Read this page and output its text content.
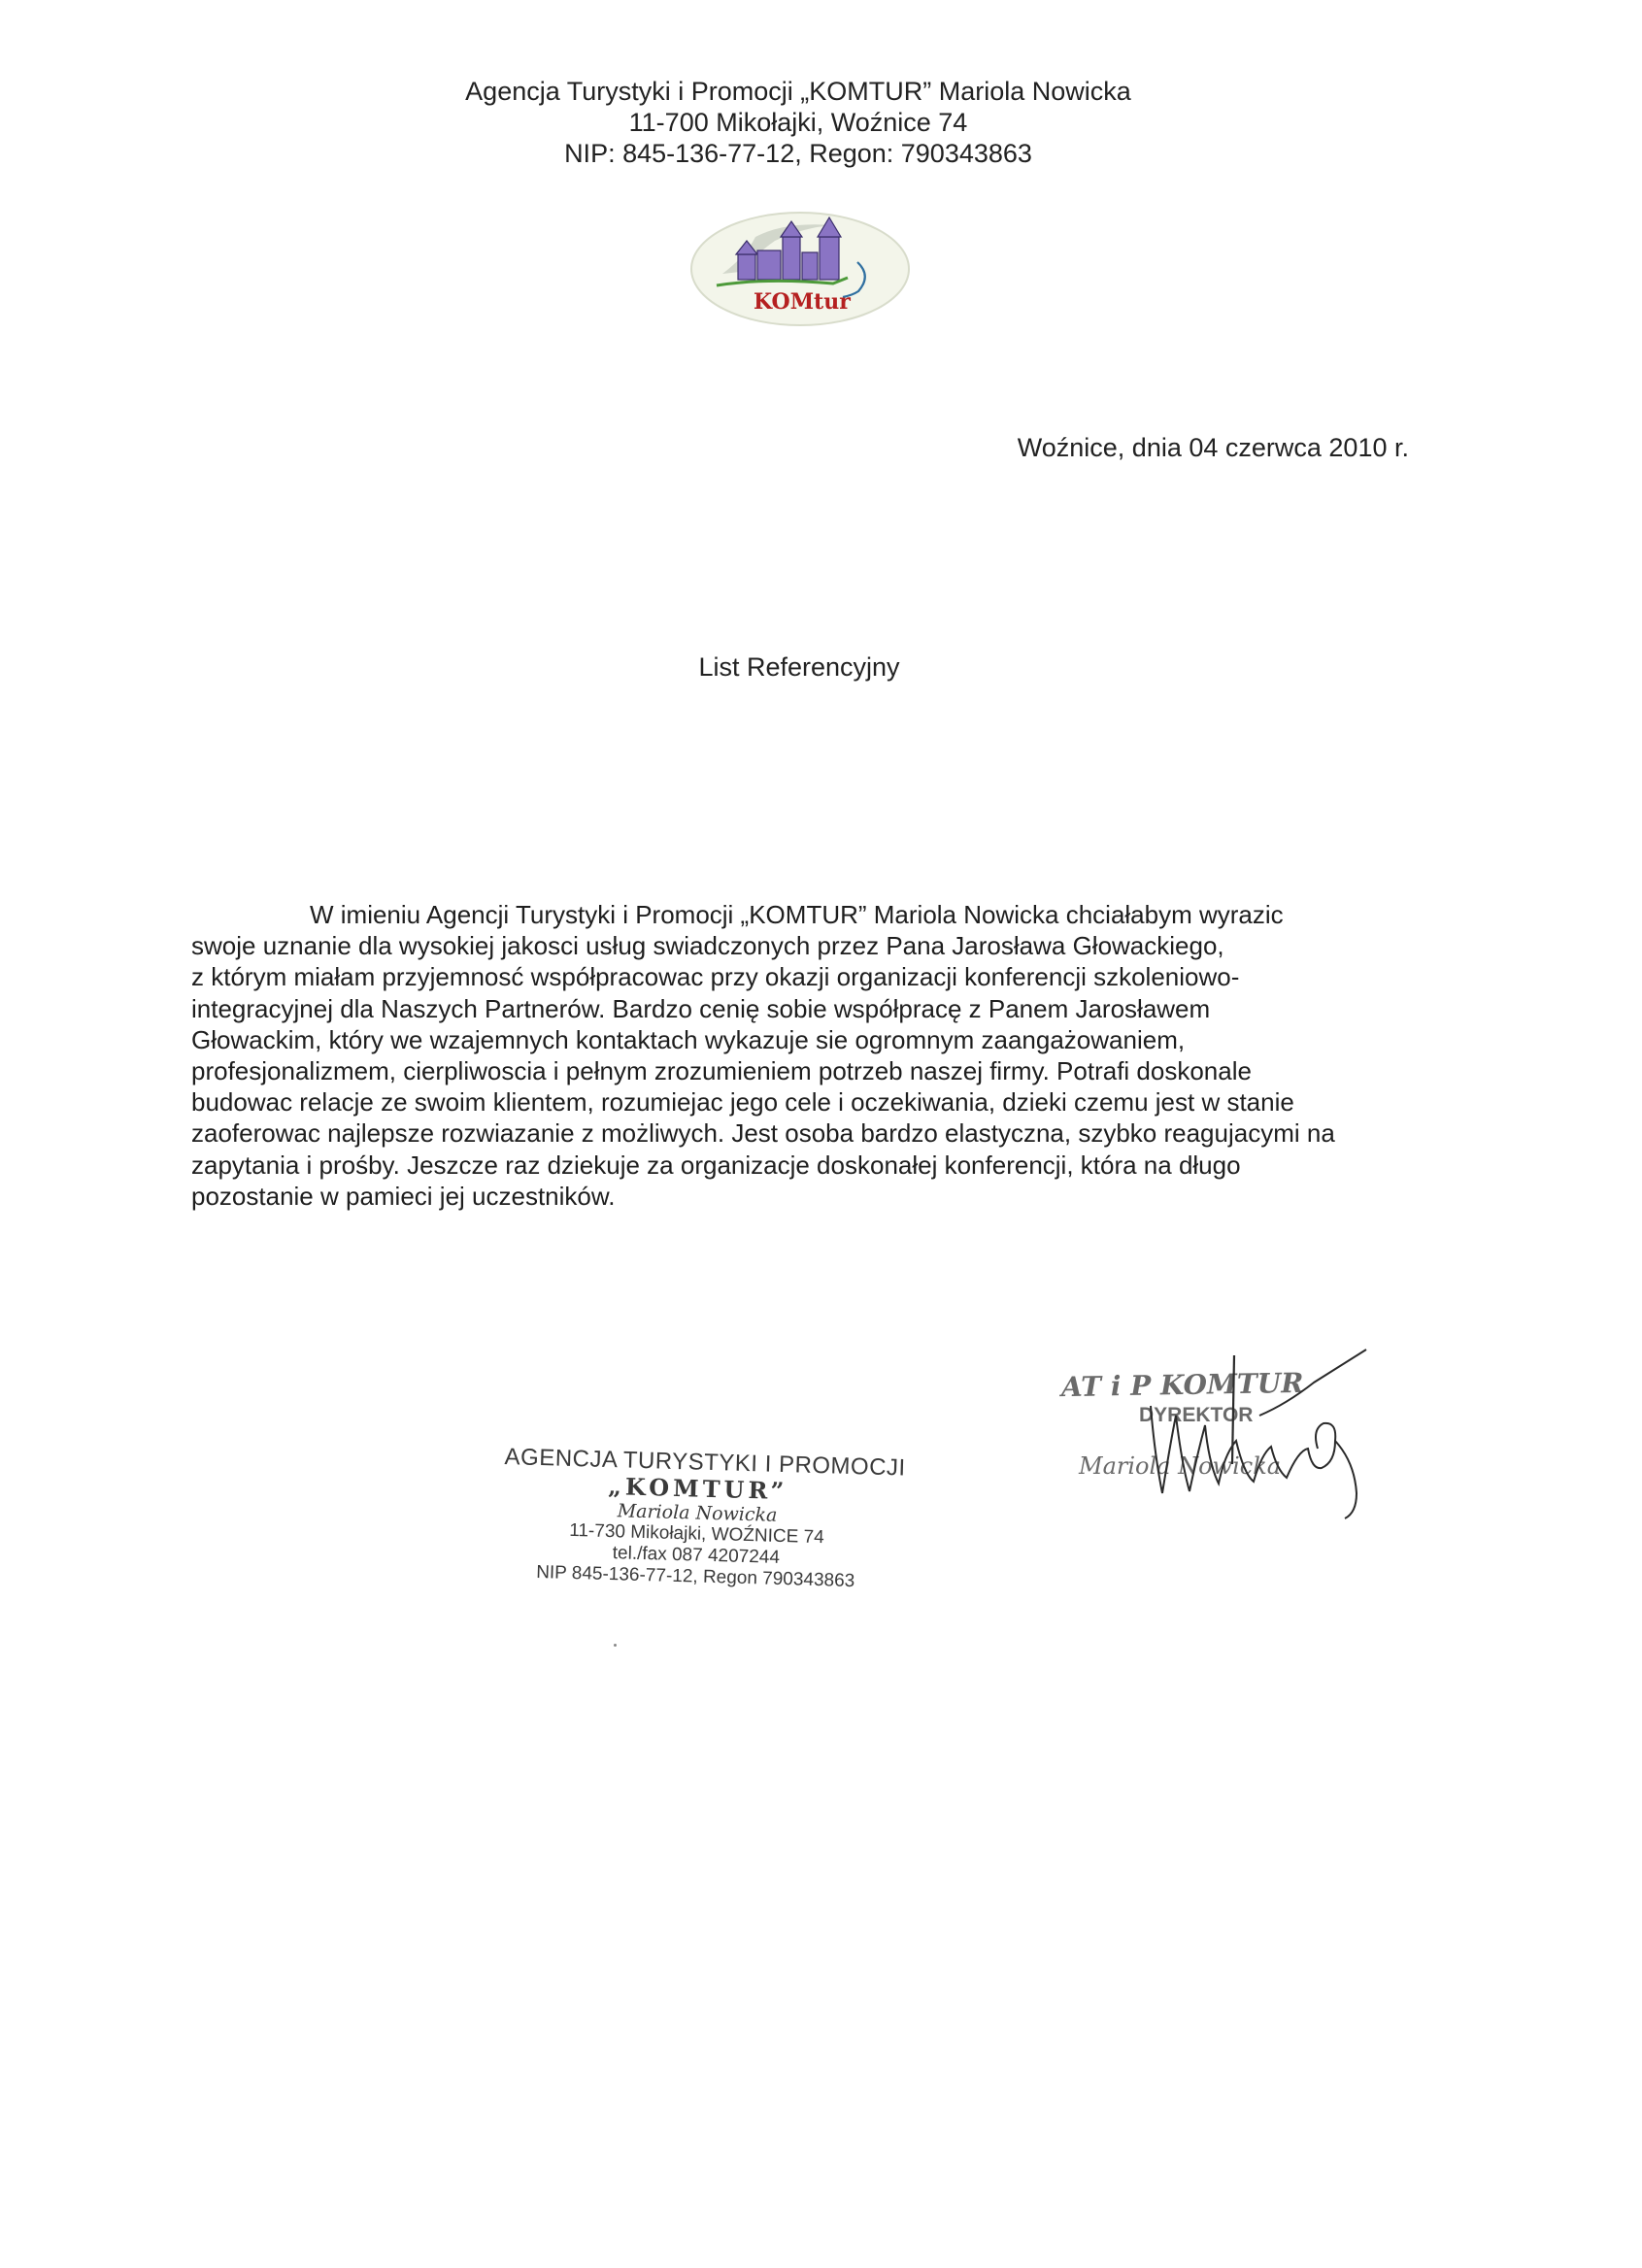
Agencja Turystyki i Promocji „KOMTUR” Mariola Nowicka
11-700 Mikołajki, Woźnice 74
NIP: 845-136-77-12, Regon: 790343863
KOMtur
Woźnice, dnia 04 czerwca 2010 r.
List Referencyjny
W imieniu Agencji Turystyki i Promocji „KOMTUR” Mariola Nowicka chciałabym wyrazic
swoje uznanie dla wysokiej jakosci usług swiadczonych przez Pana Jarosława Głowackiego,
z którym miałam przyjemnosć współpracowac przy okazji organizacji konferencji szkoleniowo-
integracyjnej dla Naszych Partnerów. Bardzo cenię sobie współpracę z Panem Jarosławem
Głowackim, który we wzajemnych kontaktach wykazuje sie ogromnym zaangażowaniem,
profesjonalizmem, cierpliwoscia i pełnym zrozumieniem potrzeb naszej firmy. Potrafi doskonale
budowac relacje ze swoim klientem, rozumiejac jego cele i oczekiwania, dzieki czemu jest w stanie
zaoferowac najlepsze rozwiazanie z możliwych. Jest osoba bardzo elastyczna, szybko reagujacymi na
zapytania i prośby. Jeszcze raz dziekuje za organizacje doskonałej konferencji, która na długo
pozostanie w pamieci jej uczestników.
AGENCJA TURYSTYKI I PROMOCJI
„KOMTUR”
Mariola Nowicka
11-730 Mikołajki, WOŹNICE 74
tel./fax 087 4207244
NIP 845-136-77-12, Regon 790343863
AT i P KOMTUR
DYREKTOR
Mariola Nowicka
